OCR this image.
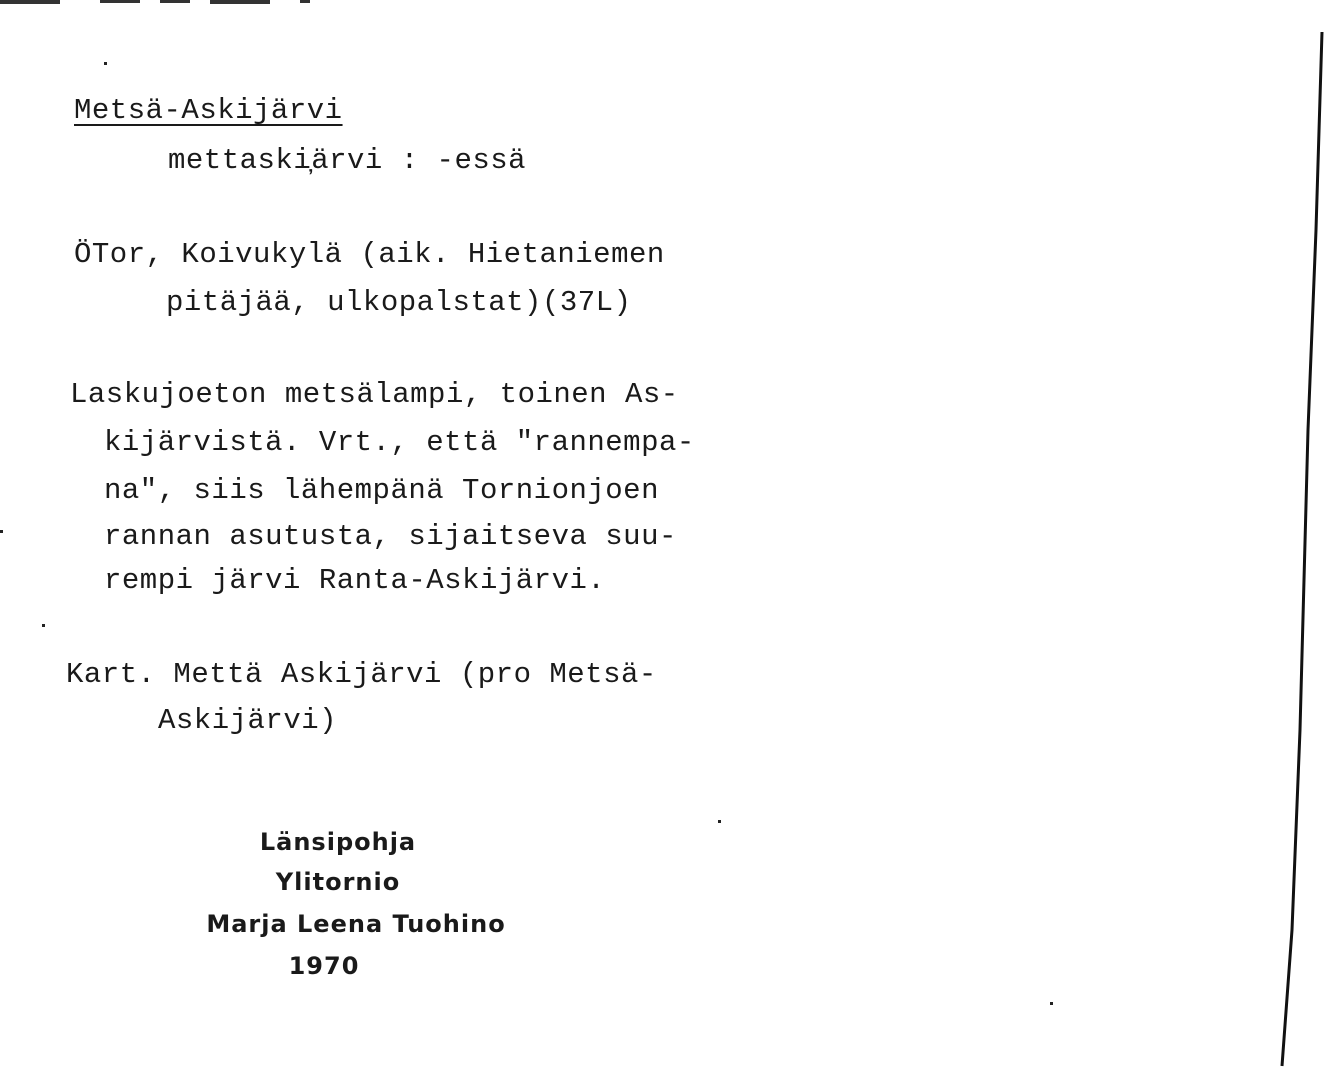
Metsä-Askijärvi
mettaski̦ärvi : -essä
ÖTor, Koivukylä (aik. Hietaniemen
pitäjää, ulkopalstat)(37L)
Laskujoeton metsälampi, toinen As-
kijärvistä. Vrt., että "rannempa-
na", siis lähempänä Tornionjoen
rannan asutusta, sijaitseva suu-
rempi järvi Ranta-Askijärvi.
Kart. Mettä Askijärvi (pro Metsä-
Askijärvi)
Länsipohja
Ylitornio
Marja Leena Tuohino
1970
